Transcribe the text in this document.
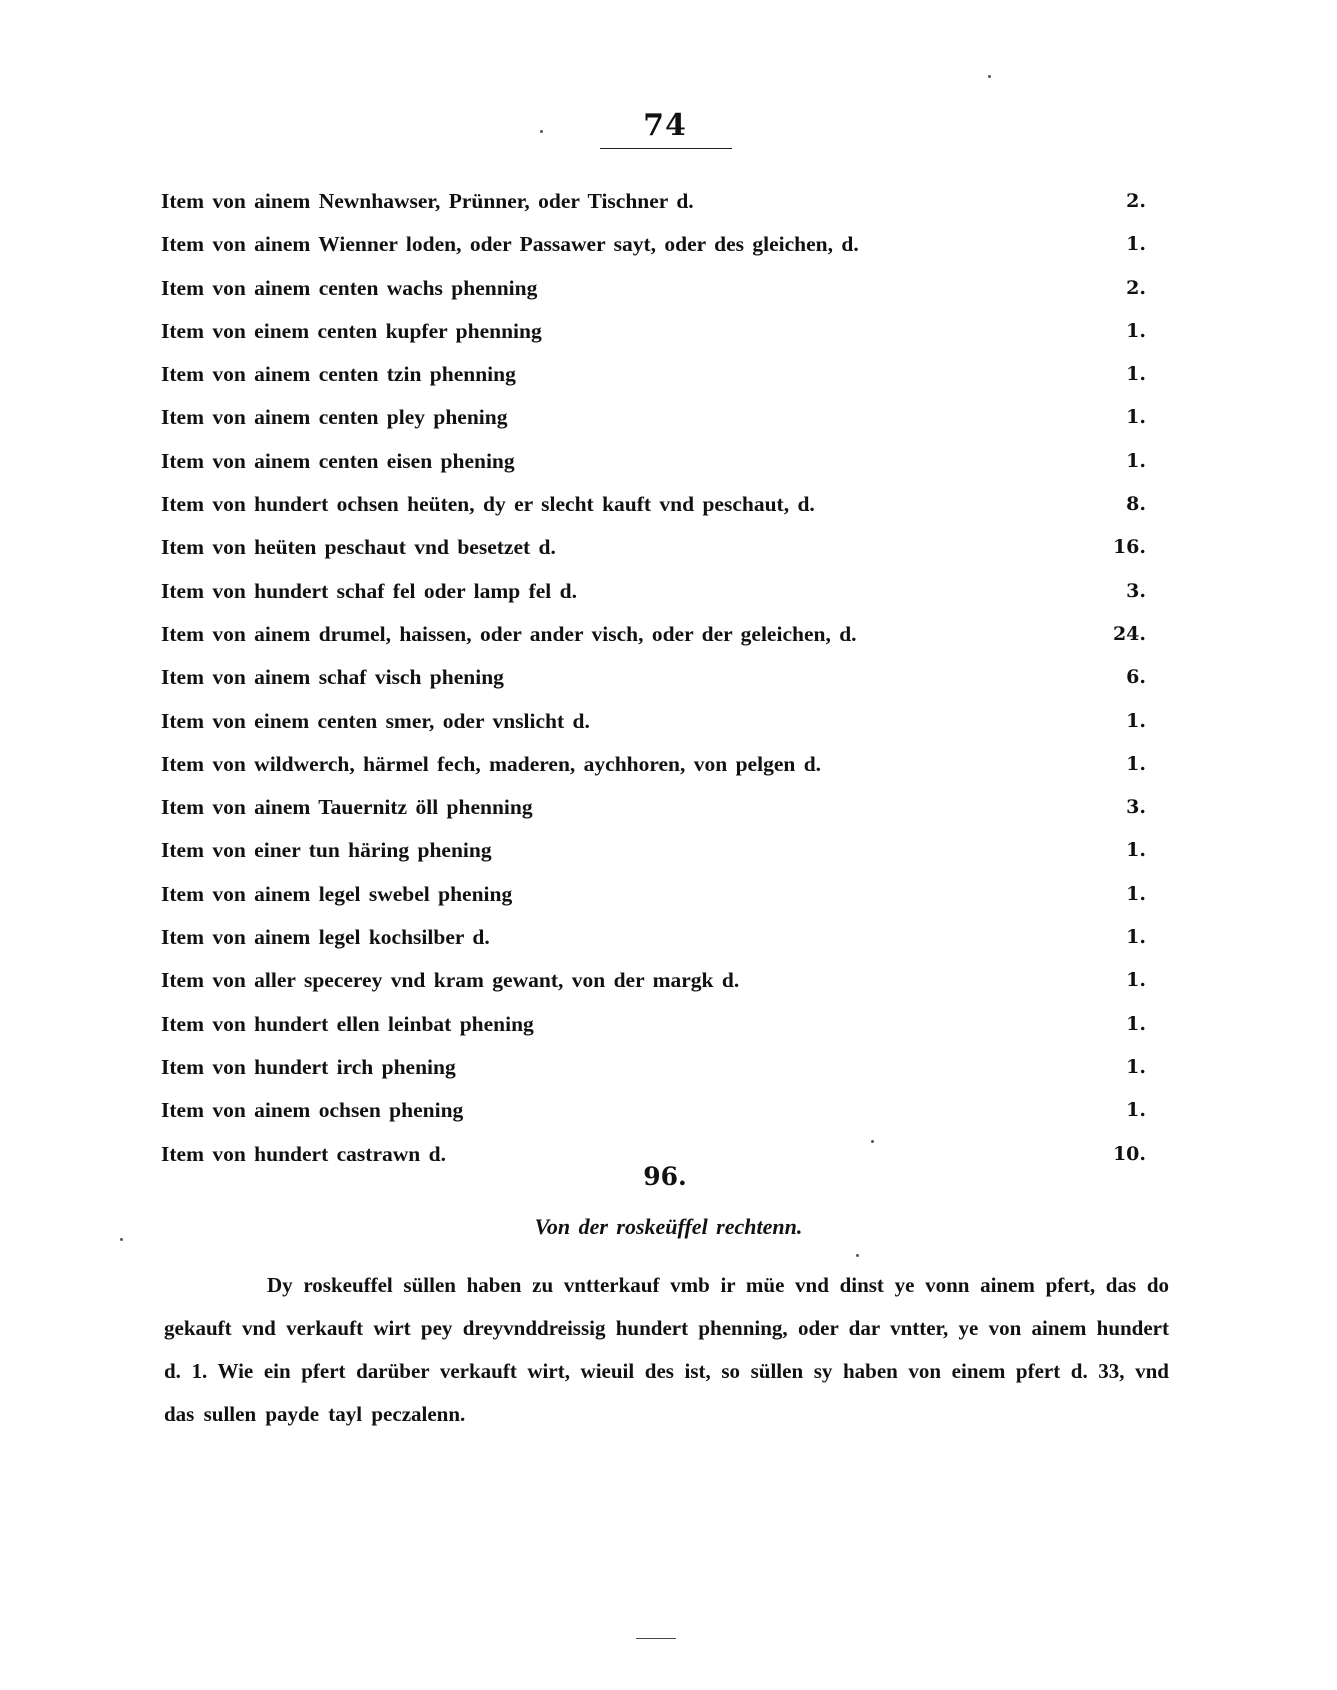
74
Item von ainem Newnhawser, Prünner, oder Tischner d.	2.
Item von ainem Wienner loden, oder Passawer sayt, oder des gleichen, d.	1.
Item von ainem centen wachs phenning	2.
Item von einem centen kupfer phenning	1.
Item von ainem centen tzin phenning	1.
Item von ainem centen pley phening	1.
Item von ainem centen eisen phening	1.
Item von hundert ochsen heüten, dy er slecht kauft vnd peschaut, d.	8.
Item von heüten peschaut vnd besetzet d.	16.
Item von hundert schaf fel oder lamp fel d.	3.
Item von ainem drumel, haissen, oder ander visch, oder der geleichen, d.	24.
Item von ainem schaf visch phening	6.
Item von einem centen smer, oder vnslicht d.	1.
Item von wildwerch, härmel fech, maderen, aychhoren, von pelgen d.	1.
Item von ainem Tauernitz öll phenning	3.
Item von einer tun häring phening	1.
Item von ainem legel swebel phening	1.
Item von ainem legel kochsilber d.	1.
Item von aller specerey vnd kram gewant, von der margk d.	1.
Item von hundert ellen leinbat phening	1.
Item von hundert irch phening	1.
Item von ainem ochsen phening	1.
Item von hundert castrawn d.	10.
96.
Von der roskeüffel rechtenn.
Dy roskeuffel süllen haben zu vntterkauf vmb ir müe vnd dinst ye vonn ainem pfert, das do gekauft vnd verkauft wirt pey dreyvnddreissig hundert phenning, oder dar vntter, ye von ainem hundert d. 1. Wie ein pfert darüber verkauft wirt, wieuil des ist, so süllen sy haben von einem pfert d. 33, vnd das sullen payde tayl peczalenn.
